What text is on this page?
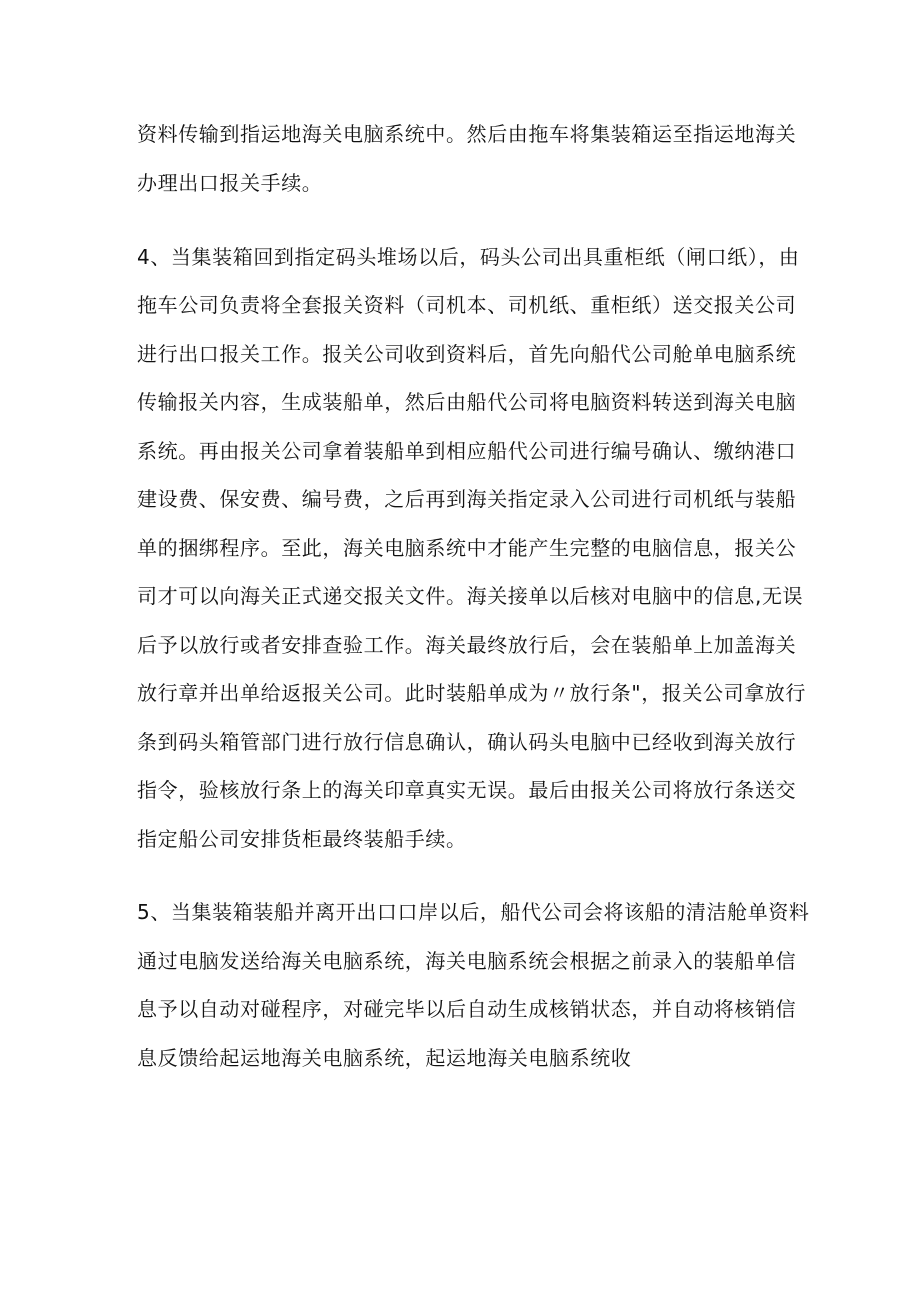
资料传输到指运地海关电脑系统中。然后由拖车将集装箱运至指运地海关
办理出口报关手续。
4、当集装箱回到指定码头堆场以后，码头公司出具重柜纸（闸口纸），由
拖车公司负责将全套报关资料（司机本、司机纸、重柜纸）送交报关公司
进行出口报关工作。报关公司收到资料后，首先向船代公司舱单电脑系统
传输报关内容，生成装船单，然后由船代公司将电脑资料转送到海关电脑
系统。再由报关公司拿着装船单到相应船代公司进行编号确认、缴纳港口
建设费、保安费、编号费，之后再到海关指定录入公司进行司机纸与装船
单的捆绑程序。至此，海关电脑系统中才能产生完整的电脑信息，报关公
司才可以向海关正式递交报关文件。海关接单以后核对电脑中的信息,无误
后予以放行或者安排查验工作。海关最终放行后，会在装船单上加盖海关
放行章并出单给返报关公司。此时装船单成为〃放行条"，报关公司拿放行
条到码头箱管部门进行放行信息确认，确认码头电脑中已经收到海关放行
指令，验核放行条上的海关印章真实无误。最后由报关公司将放行条送交
指定船公司安排货柜最终装船手续。
5、当集装箱装船并离开出口口岸以后，船代公司会将该船的清洁舱单资料
通过电脑发送给海关电脑系统，海关电脑系统会根据之前录入的装船单信
息予以自动对碰程序，对碰完毕以后自动生成核销状态，并自动将核销信
息反馈给起运地海关电脑系统，起运地海关电脑系统收
